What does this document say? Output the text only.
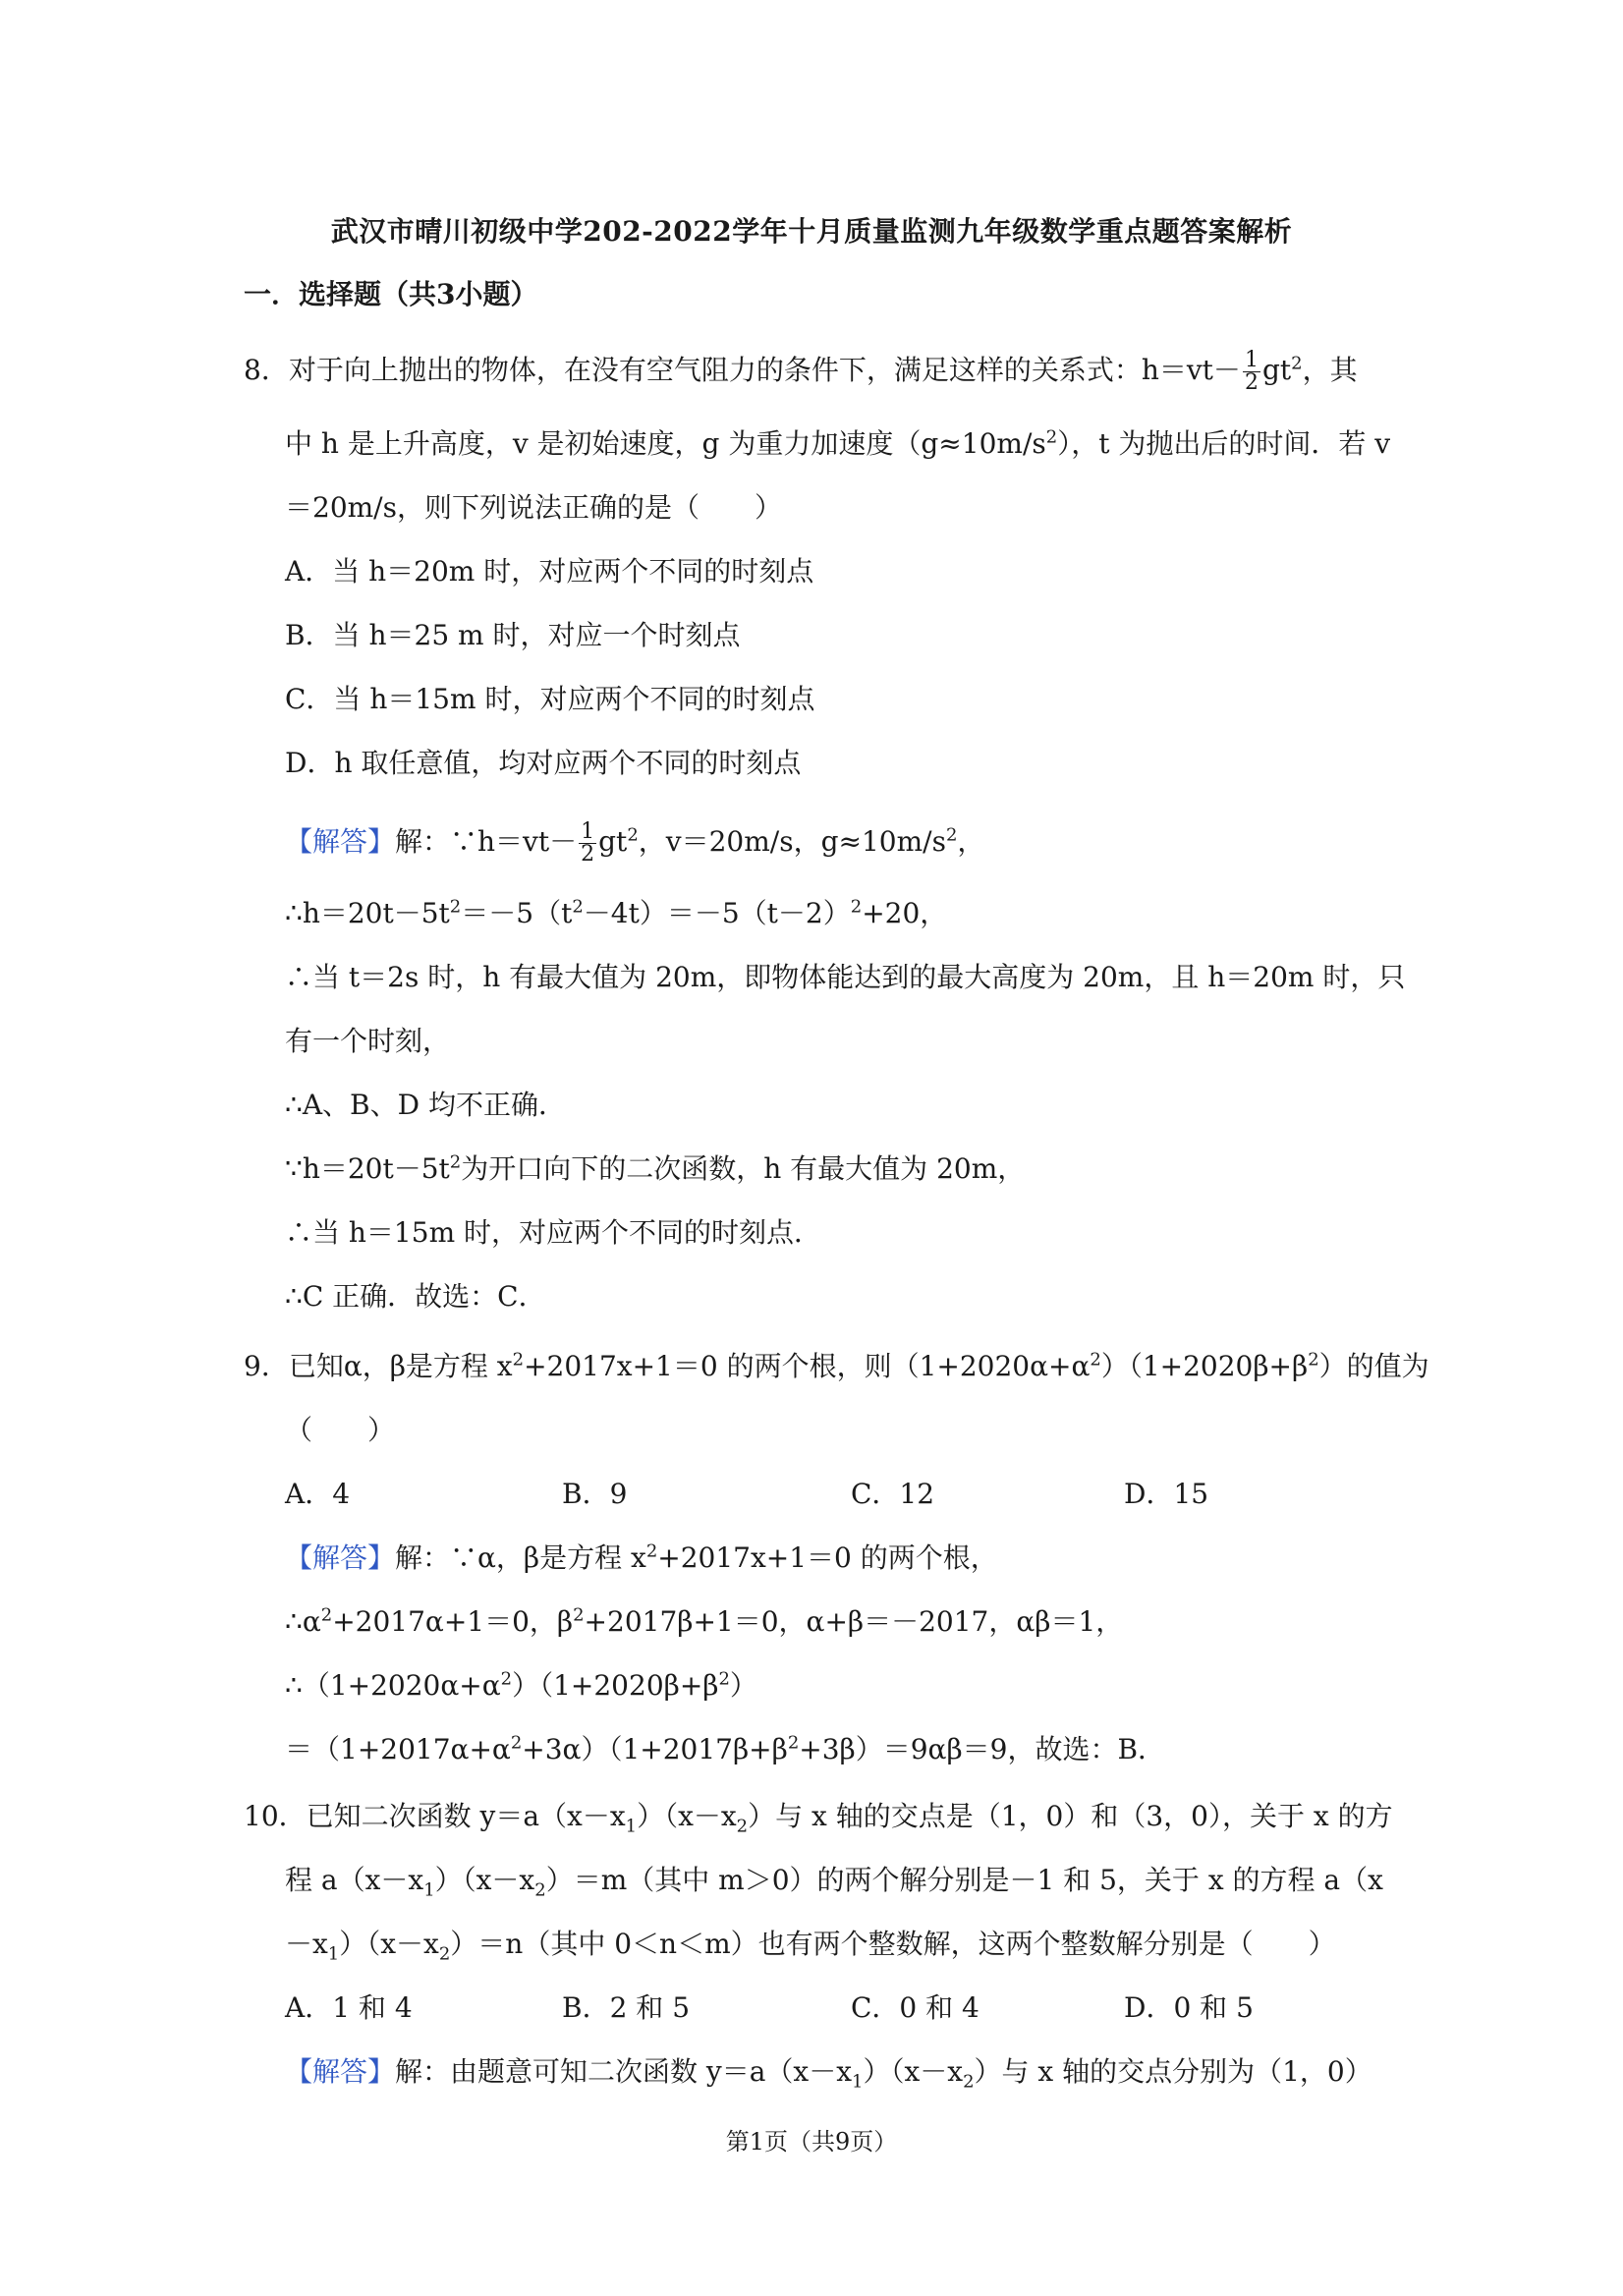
武汉市晴川初级中学202-2022学年十月质量监测九年级数学重点题答案解析
一．选择题（共3小题）
8．对于向上抛出的物体，在没有空气阻力的条件下，满足这样的关系式：$h=vt- \frac{1}{2} gt^2$，其
中 h 是上升高度，v 是初始速度，g 为重力加速度$(g\approx 10m/s^2)$，t 为抛出后的时间．若 v
＝20m/s，则下列说法正确的是（　　）
A．当 h＝20m 时，对应两个不同的时刻点
B．当 h＝25 m 时，对应一个时刻点
C．当 h＝15m 时，对应两个不同的时刻点
D．h 取任意值，均对应两个不同的时刻点
【解答】解：∵h＝vt－ $\frac{1}{2} gt^2$，v＝20m/s，$g\approx 10m/s^2$，
$\therefore h=20t-5t^2=-5(t^2-4t)=-5(t-2)^2+20$，
∴当 t＝2s 时，h 有最大值为 20m，即物体能达到的最大高度为 20m，且 h＝20m 时，只
有一个时刻，
∴A、B、D 均不正确．
$\because h=20t-5t^2$为开口向下的二次函数，h 有最大值为 20m，
∴当 h＝15m 时，对应两个不同的时刻点．
∴C 正确．故选：C．
9．已知α，β是方程 $x^2+2017x+1=0$ 的两个根，则$(1+2020\alpha+\alpha^2)(1+2020\beta+\beta^2)$的值为
（　　）
A．4	B．9	C．12	D．15
【解答】解：∵α，β是方程 $x^2+2017x+1=0$ 的两个根，
$\therefore\alpha^2+2017\alpha+1=0$，$\beta^2+2017\beta+1=0$，α+β＝－2017，αβ＝1，
$\therefore(1+2020\alpha+\alpha^2)(1+2020\beta+\beta^2)$
$=(1+2017\alpha+\alpha^2+3\alpha)(1+2017\beta+\beta^2+3\beta)=9\alpha\beta=9$，故选：B．
10．已知二次函数 $y=a(x-x_1)(x-x_2)$与 x 轴的交点是（1，0）和（3，0），关于 x 的方
程 $a(x-x_1)(x-x_2)=m$（其中 m＞0）的两个解分别是－1 和 5，关于 x 的方程 a（x
$-x_1)(x-x_2)=n$（其中 0＜n＜m）也有两个整数解，这两个整数解分别是（　　）
A．1 和 4	B．2 和 5	C．0 和 4	D．0 和 5
【解答】解：由题意可知二次函数 $y=a(x-x_1)(x-x_2)$与 x 轴的交点分别为（1，0）
第1页（共9页）
